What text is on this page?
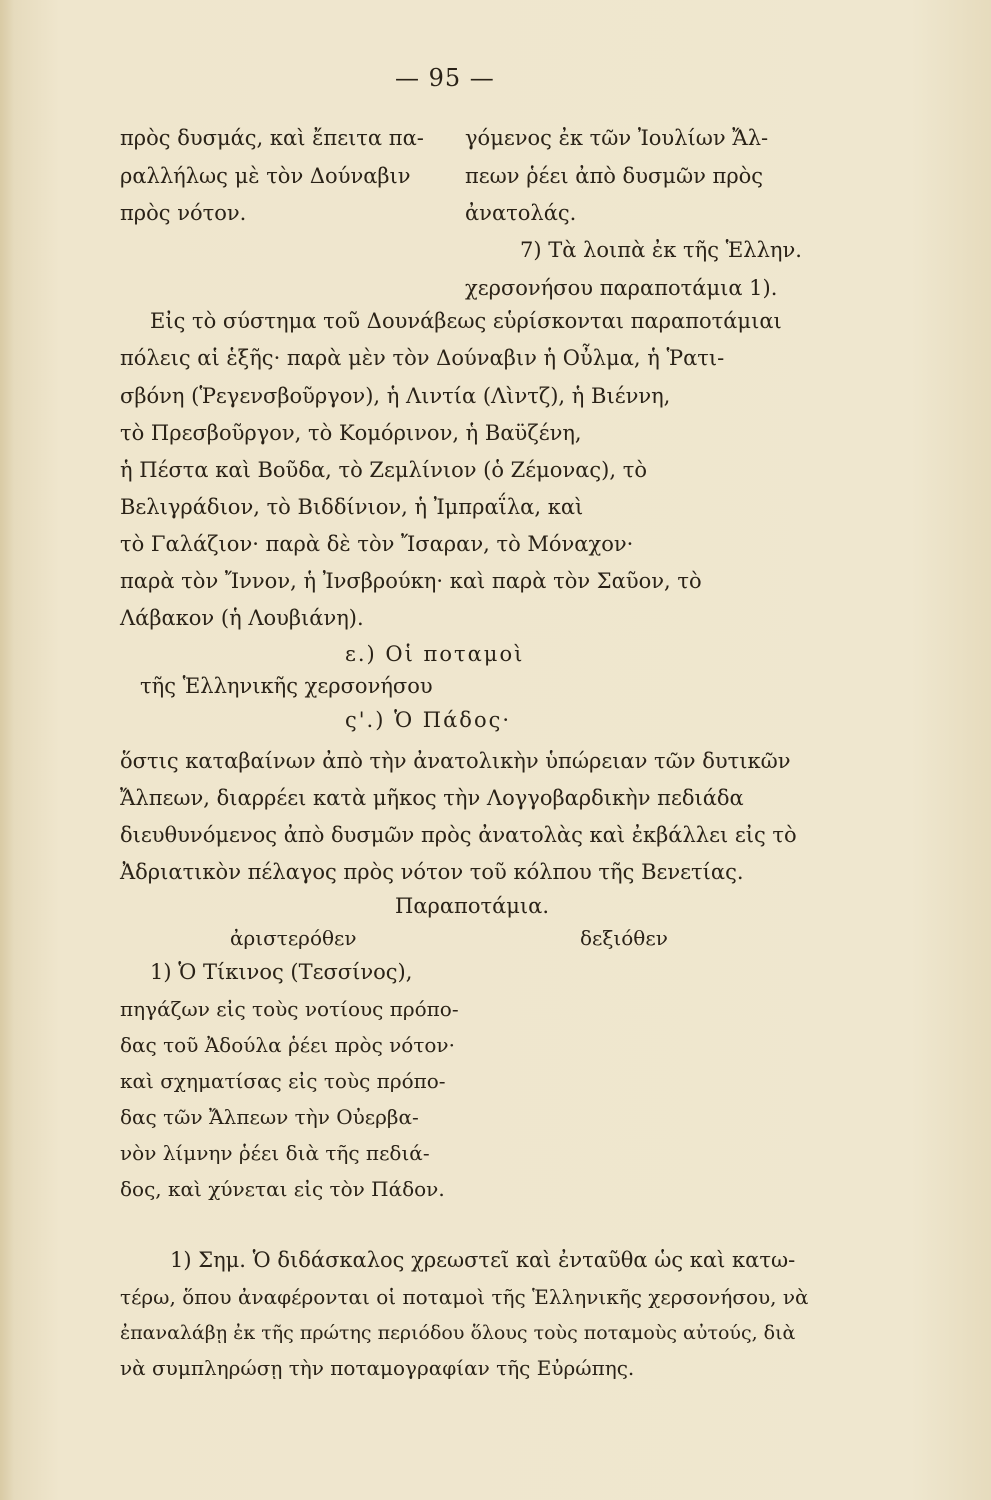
— 95 —
πρὸς δυσμάς, καὶ ἔπειτα πα-
ραλλήλως μὲ τὸν Δούναβιν
πρὸς νότον.
γόμενος ἐκ τῶν Ἰουλίων Ἄλ-
πεων ῥέει ἀπὸ δυσμῶν πρὸς
ἀνατολάς.
7) Τὰ λοιπὰ ἐκ τῆς Ἑλλην.
χερσονήσου παραποτάμια 1).
Εἰς τὸ σύστημα τοῦ Δουνάβεως εὑρίσκονται παραποτάμιαι
πόλεις αἱ ἑξῆς· παρὰ μὲν τὸν Δούναβιν ἡ Οὖλμα, ἡ Ῥατι-
σβόνη (Ῥεγενσβοῦργον), ἡ Λιντία (Λὶντζ), ἡ Βιέννη,
τὸ Πρεσβοῦργον, τὸ Κομόρινον, ἡ Βαϋζένη,
ἡ Πέστα καὶ Βοῦδα, τὸ Ζεμλίνιον (ὁ Ζέμονας), τὸ
Βελιγράδιον, τὸ Βιδδίνιον, ἡ Ἰμπραΐλα, καὶ
τὸ Γαλάζιον· παρὰ δὲ τὸν Ἴσαραν, τὸ Μόναχον·
παρὰ τὸν Ἴννον, ἡ Ἰνσβρούκη· καὶ παρὰ τὸν Σαῦον, τὸ
Λάβακον (ἡ Λουβιάνη).
ε.) Οἱ ποταμοὶ
τῆς Ἑλληνικῆς χερσονήσου
ς'.) Ὁ Πάδος·
ὅστις καταβαίνων ἀπὸ τὴν ἀνατολικὴν ὑπώρειαν τῶν δυτικῶν
Ἄλπεων, διαρρέει κατὰ μῆκος τὴν Λογγοβαρδικὴν πεδιάδα
διευθυνόμενος ἀπὸ δυσμῶν πρὸς ἀνατολὰς καὶ ἐκβάλλει εἰς τὸ
Ἀδριατικὸν πέλαγος πρὸς νότον τοῦ κόλπου τῆς Βενετίας.
Παραποτάμια.
ἀριστερόθεν	δεξιόθεν
1) Ὁ Τίκινος (Τεσσίνος),
πηγάζων εἰς τοὺς νοτίους πρόπο-
δας τοῦ Ἀδούλα ῥέει πρὸς νότον·
καὶ σχηματίσας εἰς τοὺς πρόπο-
δας τῶν Ἄλπεων τὴν Οὐερβα-
νὸν λίμνην ῥέει διὰ τῆς πεδιά-
δος, καὶ χύνεται εἰς τὸν Πάδον.
1) Σημ. Ὁ διδάσκαλος χρεωστεῖ καὶ ἐνταῦθα ὡς καὶ κατω-
τέρω, ὅπου ἀναφέρονται οἱ ποταμοὶ τῆς Ἑλληνικῆς χερσονήσου, νὰ
ἐπαναλάβῃ ἐκ τῆς πρώτης περιόδου ὅλους τοὺς ποταμοὺς αὐτούς, διὰ
νὰ συμπληρώσῃ τὴν ποταμογραφίαν τῆς Εὐρώπης.
